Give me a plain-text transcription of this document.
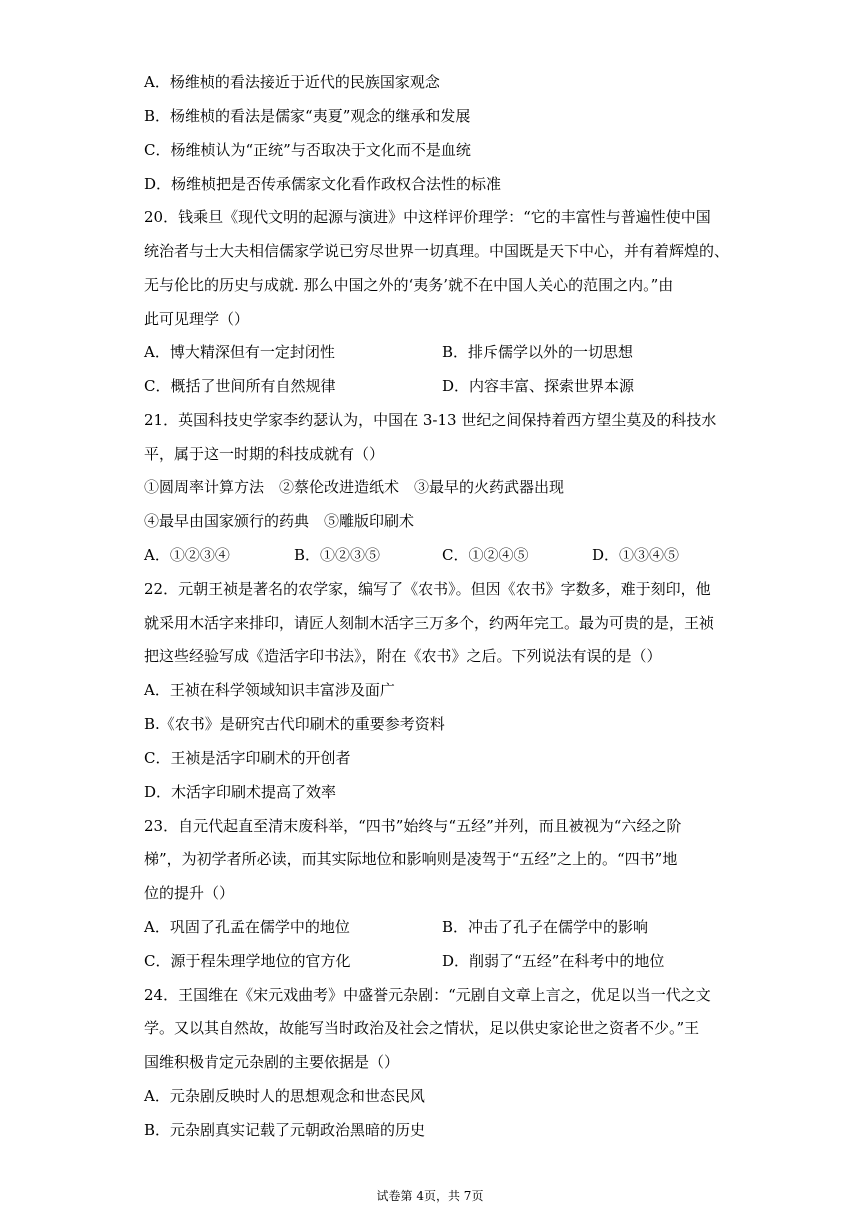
A．杨维桢的看法接近于近代的民族国家观念
B．杨维桢的看法是儒家“夷夏”观念的继承和发展
C．杨维桢认为“正统”与否取决于文化而不是血统
D．杨维桢把是否传承儒家文化看作政权合法性的标准
20．钱乘旦《现代文明的起源与演进》中这样评价理学：“它的丰富性与普遍性使中国
统治者与士大夫相信儒家学说已穷尽世界一切真理。中国既是天下中心，并有着辉煌的、
无与伦比的历史与成就. 那么中国之外的‘夷务’就不在中国人关心的范围之内。”由
此可见理学（）
A．博大精深但有一定封闭性	B．排斥儒学以外的一切思想
C．概括了世间所有自然规律	D．内容丰富、探索世界本源
21．英国科技史学家李约瑟认为，中国在 3-13 世纪之间保持着西方望尘莫及的科技水
平，属于这一时期的科技成就有（）
①圆周率计算方法　②蔡伦改进造纸术　③最早的火药武器出现
④最早由国家颁行的药典　⑤雕版印刷术
A．①②③④	B．①②③⑤	C．①②④⑤	D．①③④⑤
22．元朝王祯是著名的农学家，编写了《农书》。但因《农书》字数多，难于刻印，他
就采用木活字来排印，请匠人刻制木活字三万多个，约两年完工。最为可贵的是，王祯
把这些经验写成《造活字印书法》，附在《农书》之后。下列说法有误的是（）
A．王祯在科学领域知识丰富涉及面广
B.《农书》是研究古代印刷术的重要参考资料
C．王祯是活字印刷术的开创者
D．木活字印刷术提高了效率
23．自元代起直至清末废科举，“四书”始终与“五经”并列，而且被视为“六经之阶
梯”，为初学者所必读，而其实际地位和影响则是凌驾于“五经”之上的。“四书”地
位的提升（）
A．巩固了孔孟在儒学中的地位	B．冲击了孔子在儒学中的影响
C．源于程朱理学地位的官方化	D．削弱了“五经”在科考中的地位
24．王国维在《宋元戏曲考》中盛誉元杂剧：“元剧自文章上言之，优足以当一代之文
学。又以其自然故，故能写当时政治及社会之情状，足以供史家论世之资者不少。”王
国维积极肯定元杂剧的主要依据是（）
A．元杂剧反映时人的思想观念和世态民风
B．元杂剧真实记载了元朝政治黑暗的历史
试卷第 4页，共 7页
